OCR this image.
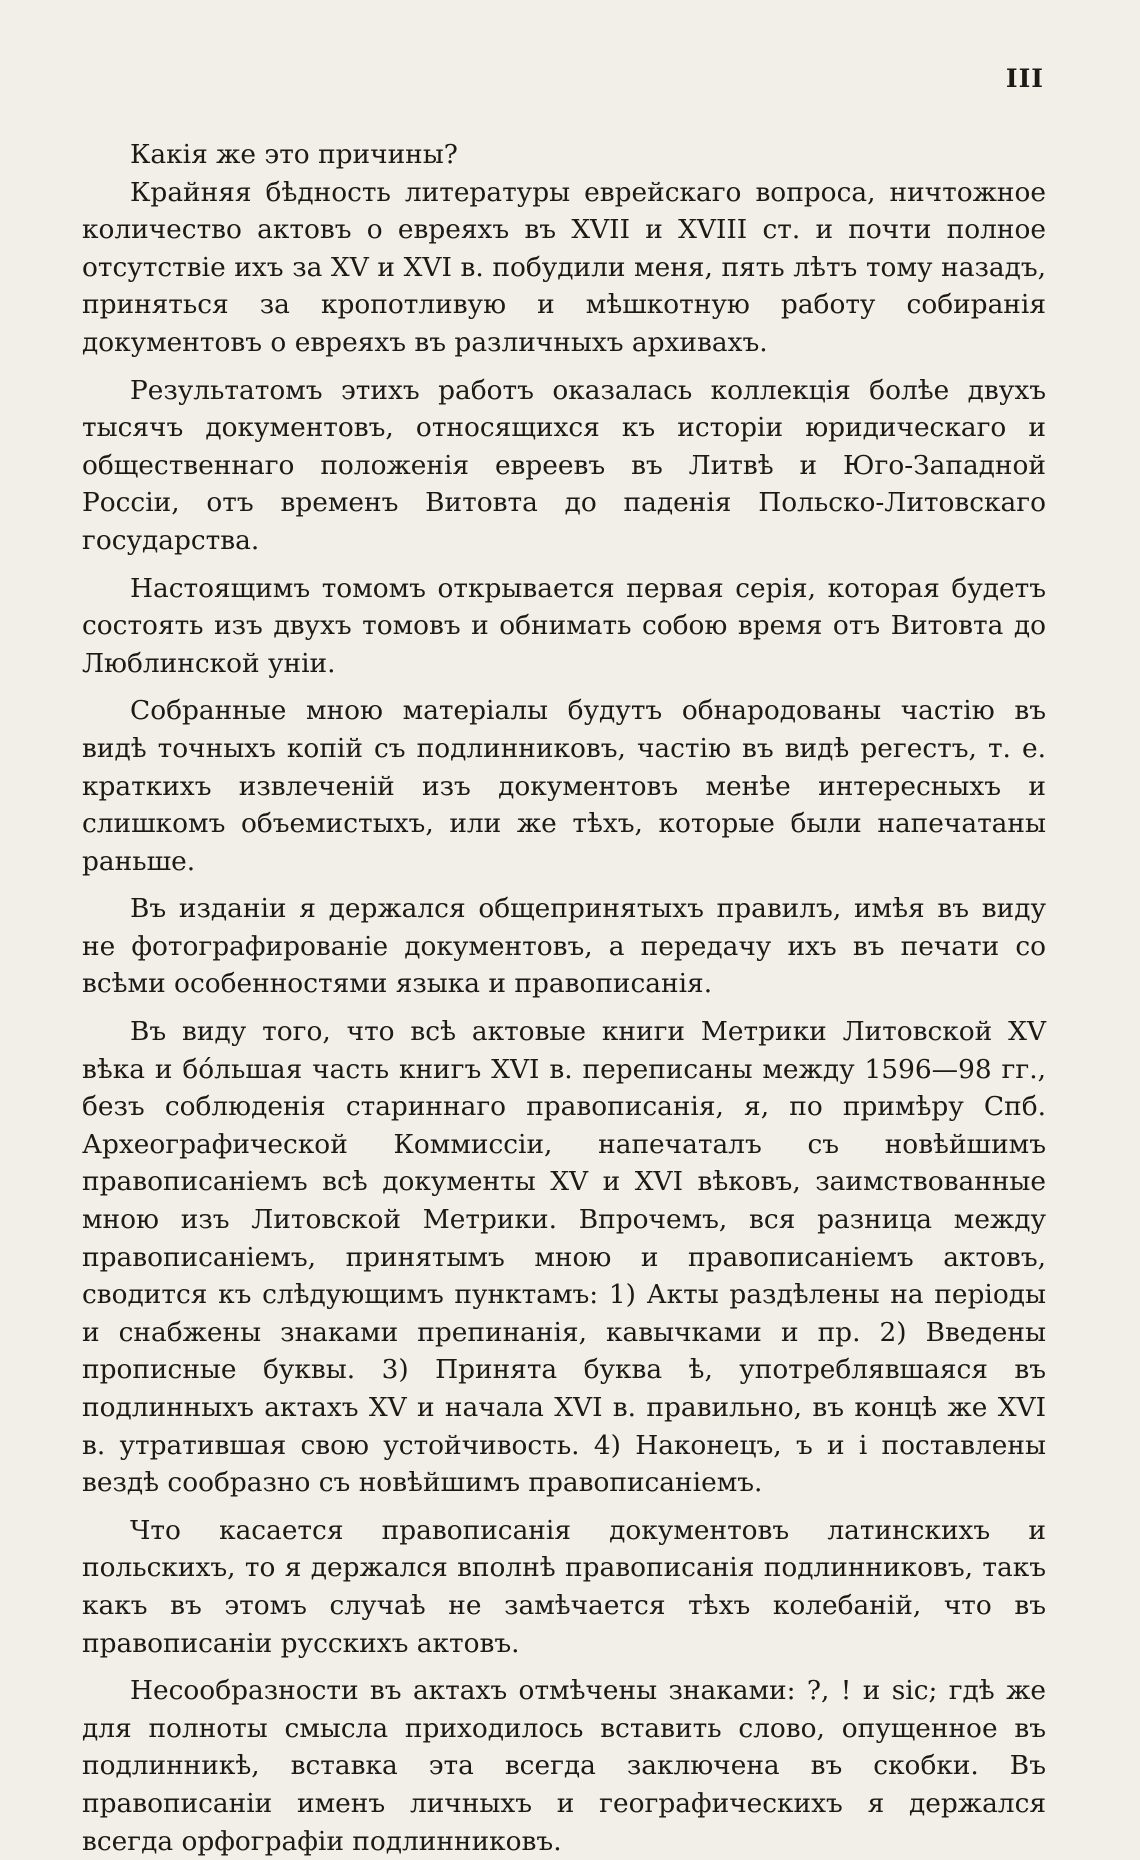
III

Какія же это причины?

Крайняя бѣдность литературы еврейскаго вопроса, ничтожное количество актовъ о евреяхъ въ XVII и XVIII ст. и почти полное отсутствіе ихъ за XV и XVI в. побудили меня, пять лѣтъ тому назадъ, приняться за кропотливую и мѣшкотную работу собиранія документовъ о евреяхъ въ различныхъ архивахъ.

Результатомъ этихъ работъ оказалась коллекція болѣе двухъ тысячъ документовъ, относящихся къ исторіи юридическаго и общественнаго положенія евреевъ въ Литвѣ и Юго-Западной Россіи, отъ временъ Витовта до паденія Польско-Литовскаго государства.

Настоящимъ томомъ открывается первая серія, которая будетъ состоять изъ двухъ томовъ и обнимать собою время отъ Витовта до Люблинской уніи.

Собранные мною матеріалы будутъ обнародованы частію въ видѣ точныхъ копій съ подлинниковъ, частію въ видѣ регестъ, т. е. краткихъ извлеченій изъ документовъ менѣе интересныхъ и слишкомъ объемистыхъ, или же тѣхъ, которые были напечатаны раньше.

Въ изданіи я держался общепринятыхъ правилъ, имѣя въ виду не фотографированіе документовъ, а передачу ихъ въ печати со всѣми особенностями языка и правописанія.

Въ виду того, что всѣ актовые книги Метрики Литовской XV вѣка и бóльшая часть книгъ XVI в. переписаны между 1596—98 гг., безъ соблюденія стариннаго правописанія, я, по примѣру Спб. Археографической Коммиссіи, напечаталъ съ новѣйшимъ правописаніемъ всѣ документы XV и XVI вѣковъ, заимствованные мною изъ Литовской Метрики. Впрочемъ, вся разница между правописаніемъ, принятымъ мною и правописаніемъ актовъ, сводится къ слѣдующимъ пунктамъ: 1) Акты раздѣлены на періоды и снабжены знаками препинанія, кавычками и пр. 2) Введены прописные буквы. 3) Принята буква ѣ, употреблявшаяся въ подлинныхъ актахъ XV и начала XVI в. правильно, въ концѣ же XVI в. утратившая свою устойчивость. 4) Наконецъ, ъ и і поставлены вездѣ сообразно съ новѣйшимъ правописаніемъ.

Что касается правописанія документовъ латинскихъ и польскихъ, то я держался вполнѣ правописанія подлинниковъ, такъ какъ въ этомъ случаѣ не замѣчается тѣхъ колебаній, что въ правописаніи русскихъ актовъ.

Несообразности въ актахъ отмѣчены знаками: ?, ! и sic; гдѣ же для полноты смысла приходилось вставить слово, опущенное въ подлинникѣ, вставка эта всегда заключена въ скобки. Въ правописаніи именъ личныхъ и географическихъ я держался всегда орфографіи подлинниковъ.
